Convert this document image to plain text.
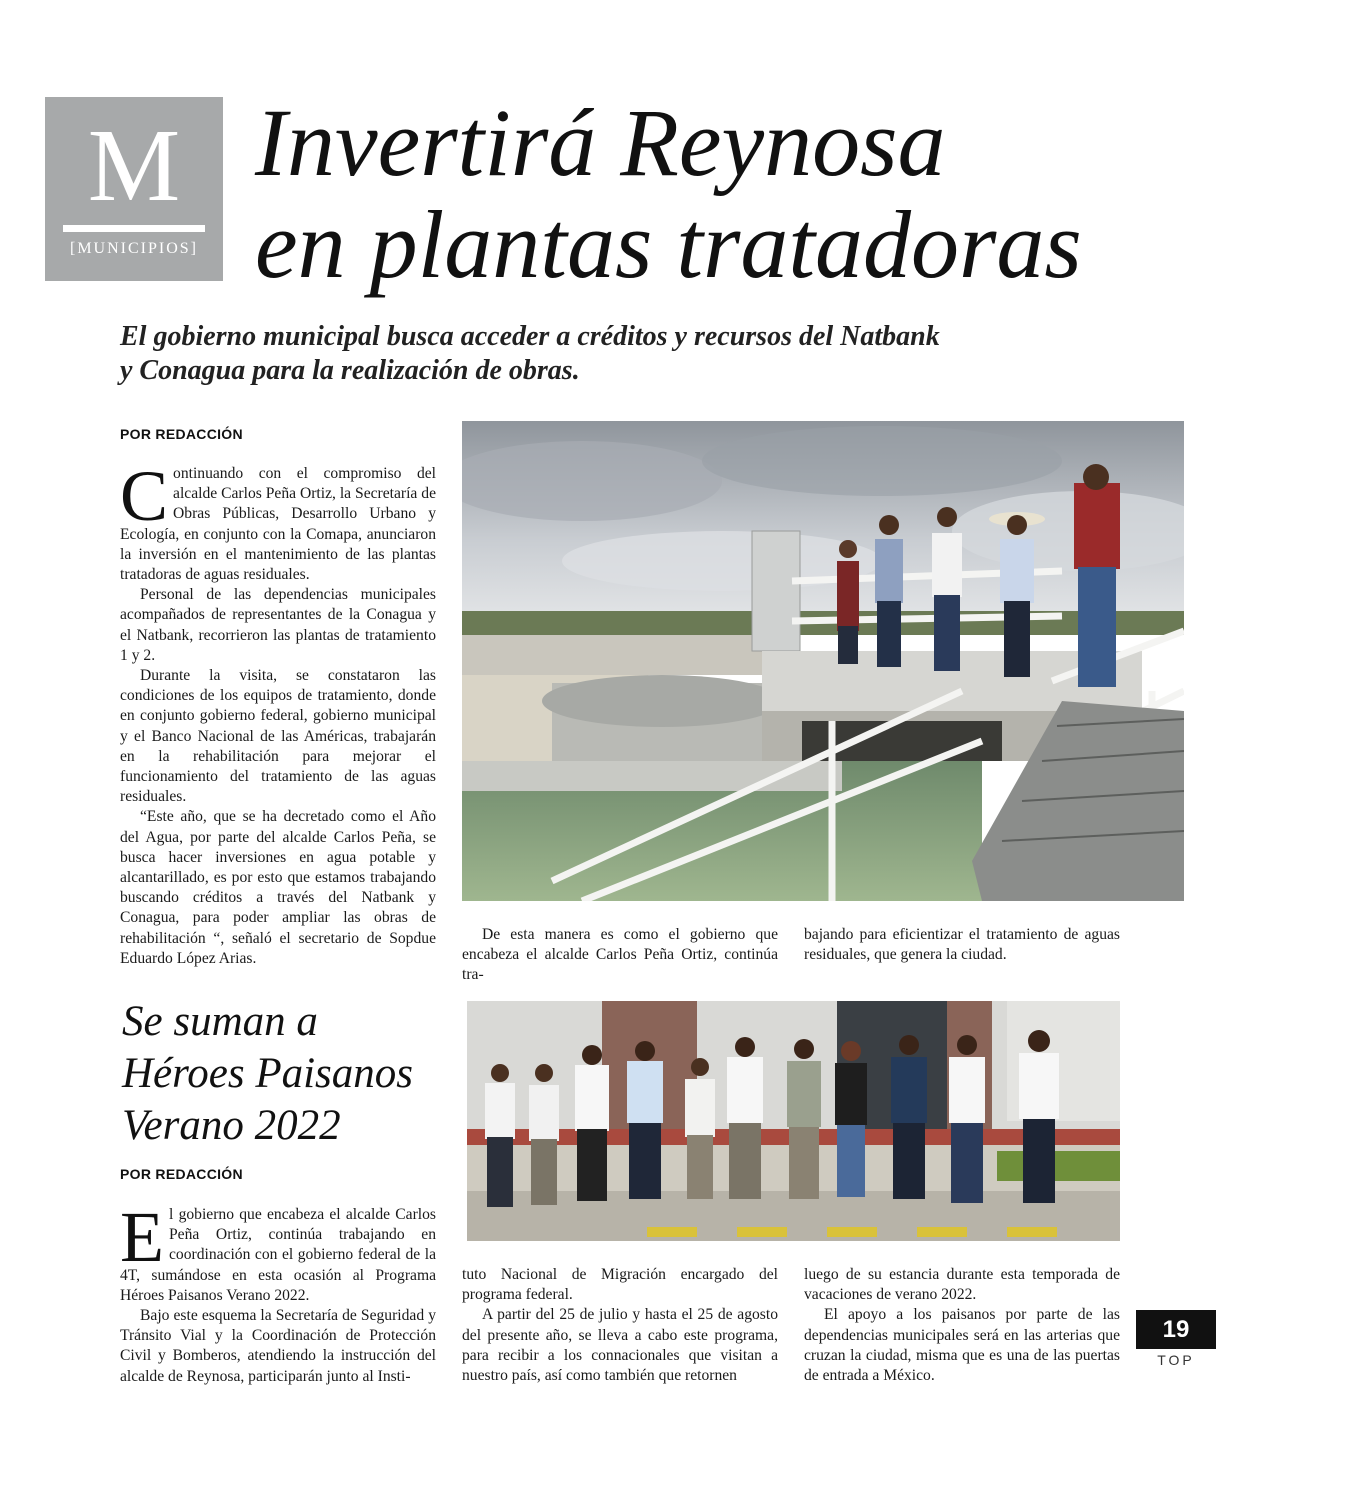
M
[MUNICIPIOS]
Invertirá Reynosa
en plantas tratadoras
El gobierno municipal busca acceder a créditos y recursos del Natbank
y Conagua para la realización de obras.
POR REDACCIÓN

Continuando con el compromiso del alcalde Carlos Peña Ortiz, la Secretaría de Obras Públicas, Desarrollo Urbano y Ecología, en conjunto con la Comapa, anunciaron la inversión en el mantenimiento de las plantas tratadoras de aguas residuales.

Personal de las dependencias municipales acompañados de representantes de la Conagua y el Natbank, recorrieron las plantas de tratamiento 1 y 2.

Durante la visita, se constataron las condiciones de los equipos de tratamiento, donde en conjunto gobierno federal, gobierno municipal y el Banco Nacional de las Américas, trabajarán en la rehabilitación para mejorar el funcionamiento del tratamiento de las aguas residuales.

“Este año, que se ha decretado como el Año del Agua, por parte del alcalde Carlos Peña, se busca hacer inversiones en agua potable y alcantarillado, es por esto que estamos trabajando buscando créditos a través del Natbank y Conagua, para poder ampliar las obras de rehabilitación “, señaló el secretario de Sopdue Eduardo López Arias.

De esta manera es como el gobierno que encabeza el alcalde Carlos Peña Ortiz, continúa tra-

bajando para eficientizar el tratamiento de aguas residuales, que genera la ciudad.

Se suman a
Héroes Paisanos
Verano 2022
POR REDACCIÓN

El gobierno que encabeza el alcalde Carlos Peña Ortiz, continúa trabajando en coordinación con el gobierno federal de la 4T, sumándose en esta ocasión al Programa Héroes Paisanos Verano 2022.

Bajo este esquema la Secretaría de Seguridad y Tránsito Vial y la Coordinación de Protección Civil y Bomberos, atendiendo la instrucción del alcalde de Reynosa, participarán junto al Insti-

tuto Nacional de Migración encargado del programa federal.

A partir del 25 de julio y hasta el 25 de agosto del presente año, se lleva a cabo este programa, para recibir a los connacionales que visitan a nuestro país, así como también que retornen

luego de su estancia durante esta temporada de vacaciones de verano 2022.

El apoyo a los paisanos por parte de las dependencias municipales será en las arterias que cruzan la ciudad, misma que es una de las puertas de entrada a México.

19
TOP
